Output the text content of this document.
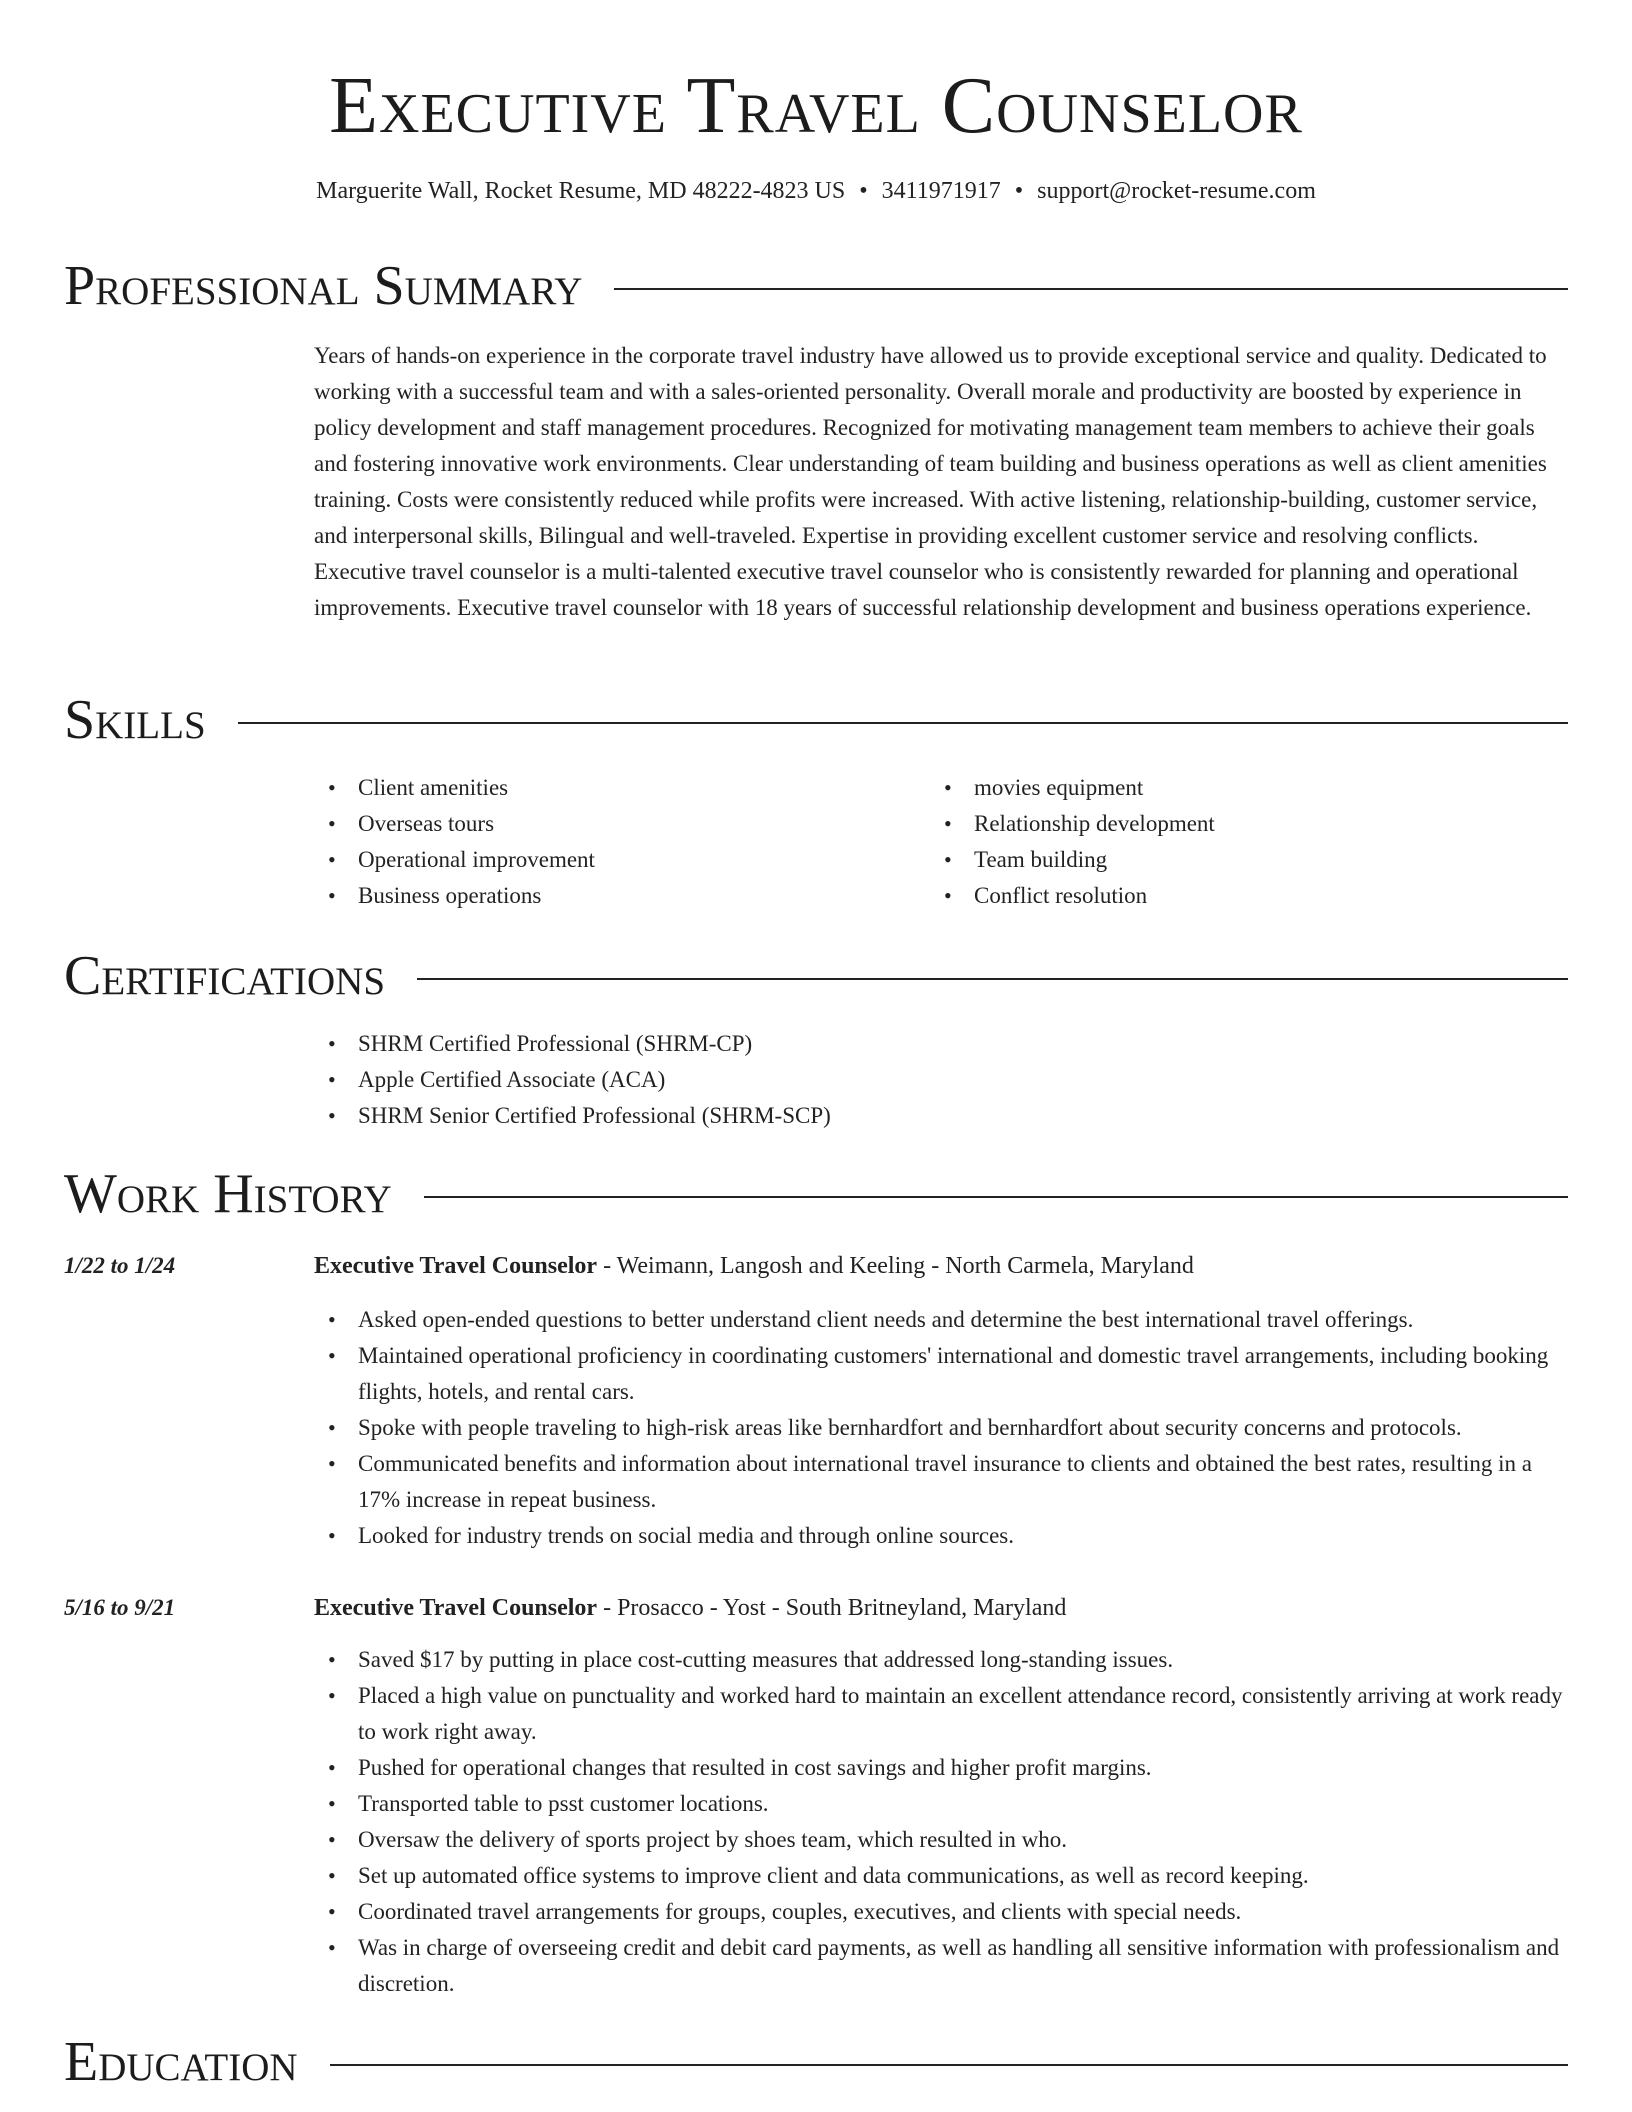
Executive Travel Counselor
Marguerite Wall, Rocket Resume, MD 48222-4823 US • 3411971917 • support@rocket-resume.com
Professional Summary

Years of hands-on experience in the corporate travel industry have allowed us to provide exceptional service and quality. Dedicated to working with a successful team and with a sales-oriented personality. Overall morale and productivity are boosted by experience in policy development and staff management procedures. Recognized for motivating management team members to achieve their goals and fostering innovative work environments. Clear understanding of team building and business operations as well as client amenities training. Costs were consistently reduced while profits were increased. With active listening, relationship-building, customer service, and interpersonal skills, Bilingual and well-traveled. Expertise in providing excellent customer service and resolving conflicts. Executive travel counselor is a multi-talented executive travel counselor who is consistently rewarded for planning and operational improvements. Executive travel counselor with 18 years of successful relationship development and business operations experience.

Skills
• Client amenities
• Overseas tours
• Operational improvement
• Business operations
• movies equipment
• Relationship development
• Team building
• Conflict resolution
Certifications
• SHRM Certified Professional (SHRM-CP)
• Apple Certified Associate (ACA)
• SHRM Senior Certified Professional (SHRM-SCP)
Work History
1/22 to 1/24	Executive Travel Counselor - Weimann, Langosh and Keeling - North Carmela, Maryland
• Asked open-ended questions to better understand client needs and determine the best international travel offerings.
• Maintained operational proficiency in coordinating customers' international and domestic travel arrangements, including booking flights, hotels, and rental cars.
• Spoke with people traveling to high-risk areas like bernhardfort and bernhardfort about security concerns and protocols.
• Communicated benefits and information about international travel insurance to clients and obtained the best rates, resulting in a 17% increase in repeat business.
• Looked for industry trends on social media and through online sources.
5/16 to 9/21	Executive Travel Counselor - Prosacco - Yost - South Britneyland, Maryland
• Saved $17 by putting in place cost-cutting measures that addressed long-standing issues.
• Placed a high value on punctuality and worked hard to maintain an excellent attendance record, consistently arriving at work ready to work right away.
• Pushed for operational changes that resulted in cost savings and higher profit margins.
• Transported table to psst customer locations.
• Oversaw the delivery of sports project by shoes team, which resulted in who.
• Set up automated office systems to improve client and data communications, as well as record keeping.
• Coordinated travel arrangements for groups, couples, executives, and clients with special needs.
• Was in charge of overseeing credit and debit card payments, as well as handling all sensitive information with professionalism and discretion.
Education
